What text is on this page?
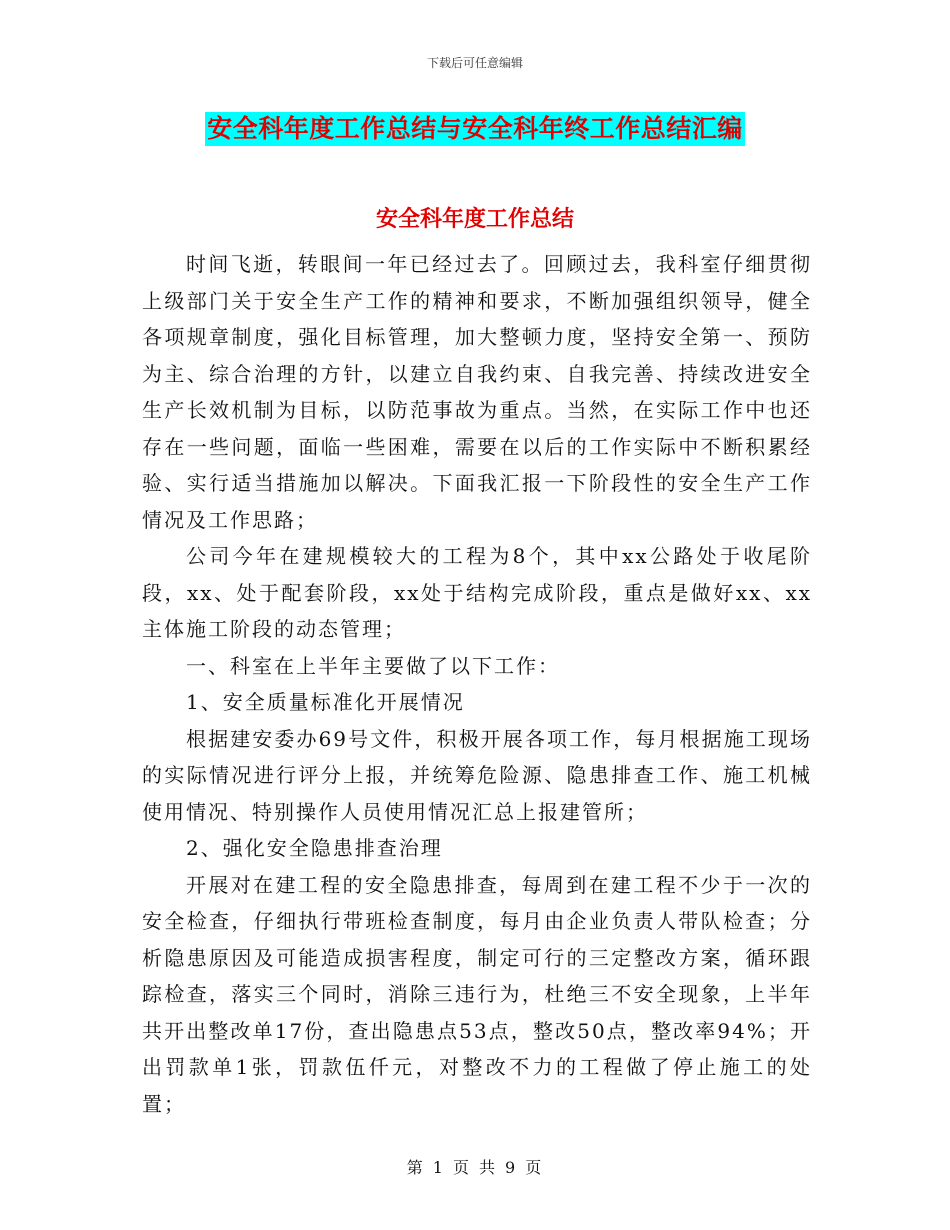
下载后可任意编辑
安全科年度工作总结与安全科年终工作总结汇编
安全科年度工作总结

时间飞逝，转眼间一年已经过去了。回顾过去，我科室仔细贯彻上级部门关于安全生产工作的精神和要求，不断加强组织领导，健全各项规章制度，强化目标管理，加大整顿力度，坚持安全第一、预防为主、综合治理的方针，以建立自我约束、自我完善、持续改进安全生产长效机制为目标，以防范事故为重点。当然，在实际工作中也还存在一些问题，面临一些困难，需要在以后的工作实际中不断积累经验、实行适当措施加以解决。下面我汇报一下阶段性的安全生产工作情况及工作思路；

公司今年在建规模较大的工程为8个，其中xx公路处于收尾阶段，xx、处于配套阶段，xx处于结构完成阶段，重点是做好xx、xx主体施工阶段的动态管理；

一、科室在上半年主要做了以下工作：

1、安全质量标准化开展情况

根据建安委办69号文件，积极开展各项工作，每月根据施工现场的实际情况进行评分上报，并统筹危险源、隐患排查工作、施工机械使用情况、特别操作人员使用情况汇总上报建管所；

2、强化安全隐患排查治理

开展对在建工程的安全隐患排查，每周到在建工程不少于一次的安全检查，仔细执行带班检查制度，每月由企业负责人带队检查；分析隐患原因及可能造成损害程度，制定可行的三定整改方案，循环跟踪检查，落实三个同时，消除三违行为，杜绝三不安全现象，上半年共开出整改单17份，查出隐患点53点，整改50点，整改率94%；开出罚款单1张，罚款伍仟元，对整改不力的工程做了停止施工的处置；

第 1 页 共 9 页
